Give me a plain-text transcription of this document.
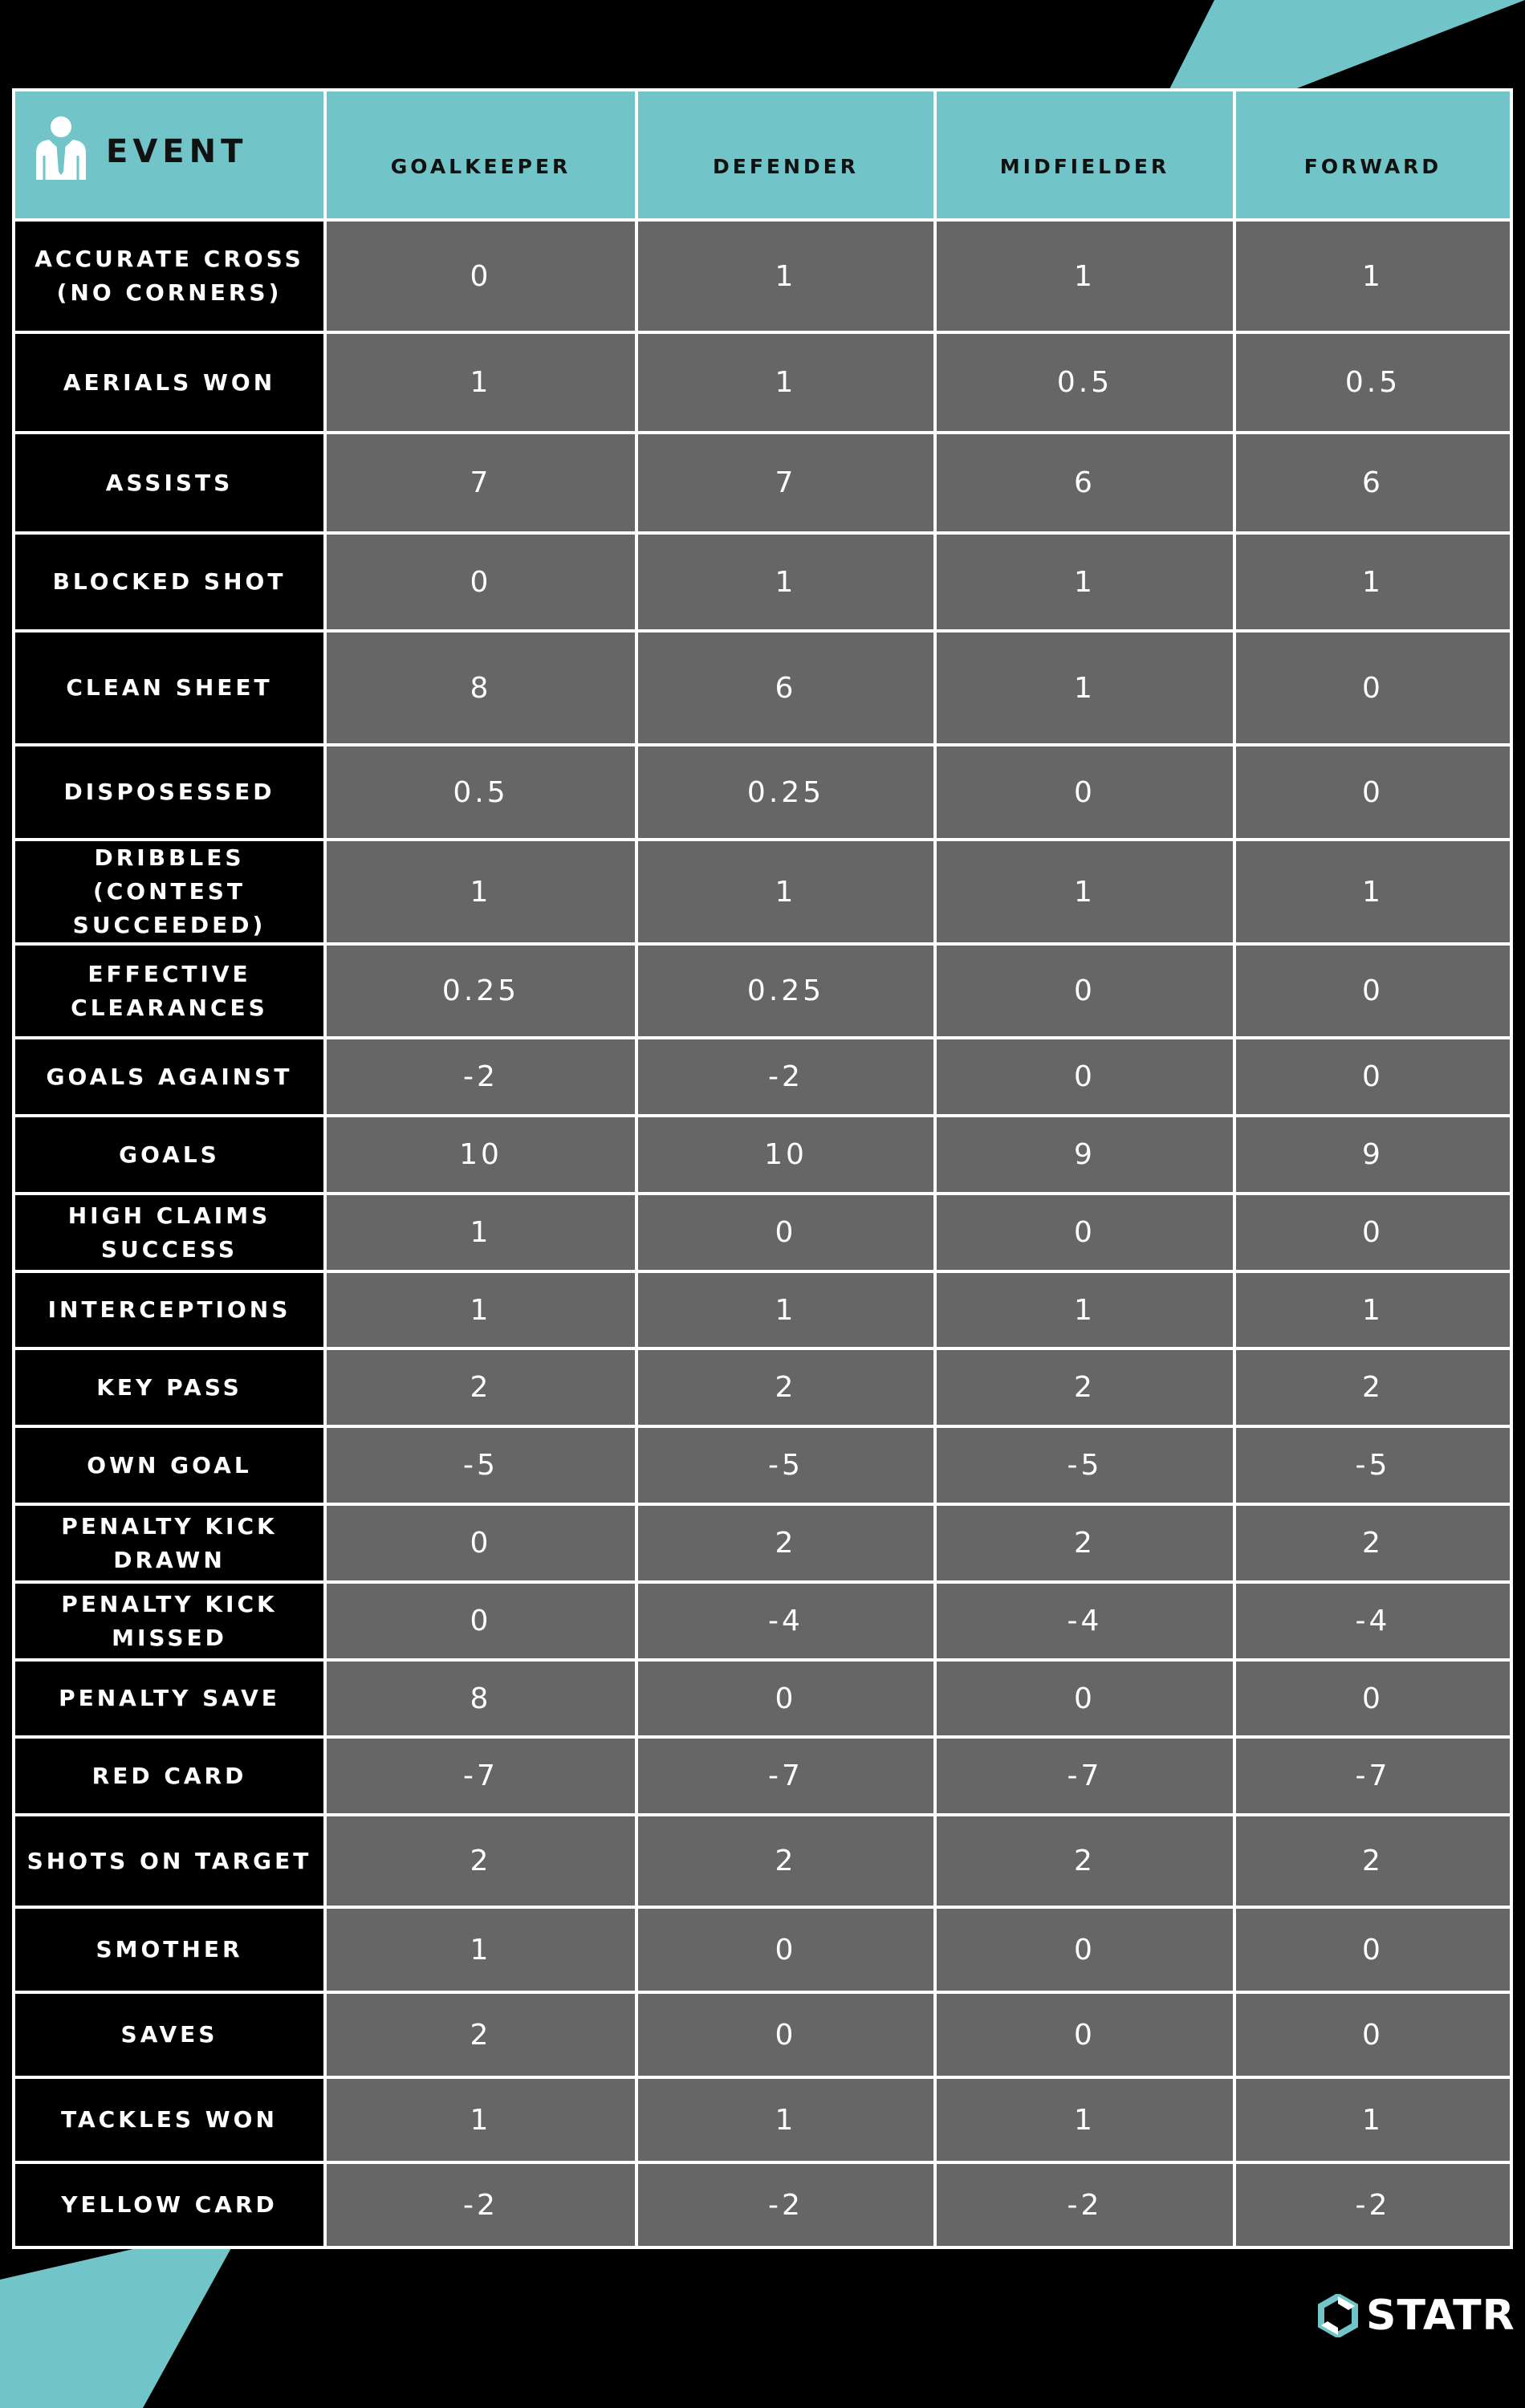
EVENT	GOALKEEPER	DEFENDER	MIDFIELDER	FORWARD
ACCURATE CROSS (NO CORNERS)	0	1	1	1
AERIALS WON	1	1	0.5	0.5
ASSISTS	7	7	6	6
BLOCKED SHOT	0	1	1	1
CLEAN SHEET	8	6	1	0
DISPOSESSED	0.5	0.25	0	0
DRIBBLES (CONTEST SUCCEEDED)	1	1	1	1
EFFECTIVE CLEARANCES	0.25	0.25	0	0
GOALS AGAINST	-2	-2	0	0
GOALS	10	10	9	9
HIGH CLAIMS SUCCESS	1	0	0	0
INTERCEPTIONS	1	1	1	1
KEY PASS	2	2	2	2
OWN GOAL	-5	-5	-5	-5
PENALTY KICK DRAWN	0	2	2	2
PENALTY KICK MISSED	0	-4	-4	-4
PENALTY SAVE	8	0	0	0
RED CARD	-7	-7	-7	-7
SHOTS ON TARGET	2	2	2	2
SMOTHER	1	0	0	0
SAVES	2	0	0	0
TACKLES WON	1	1	1	1
YELLOW CARD	-2	-2	-2	-2
STATR
